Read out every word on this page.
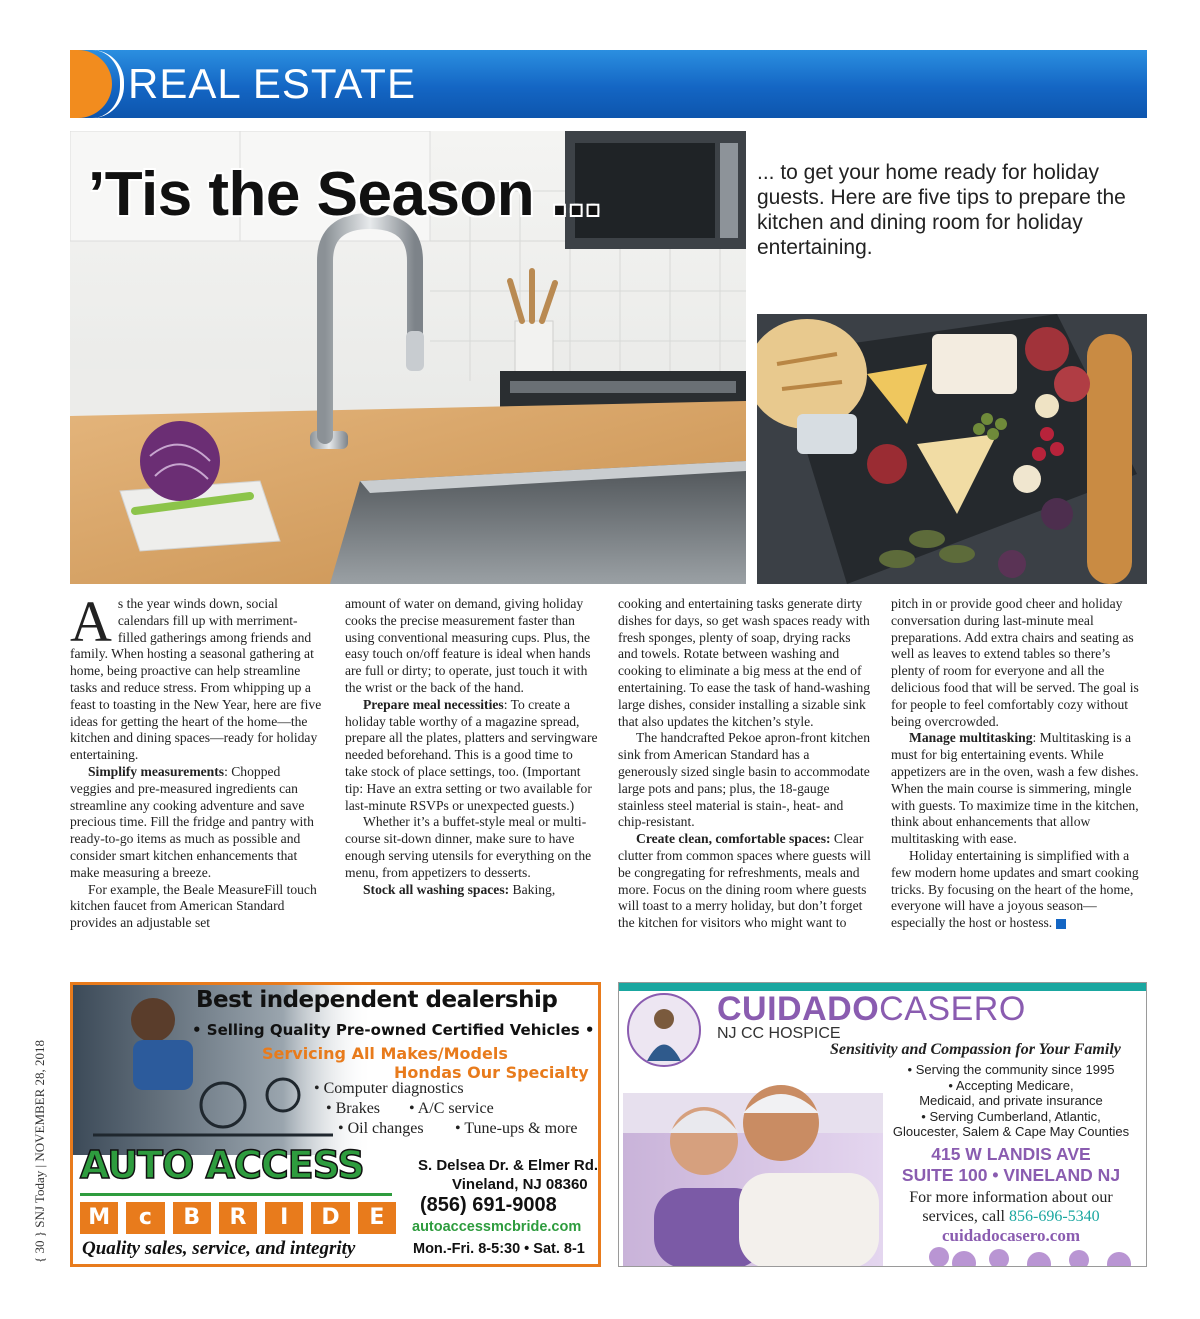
REAL ESTATE
’Tis the Season ...	... to get your home ready for holiday guests. Here are five tips to prepare the kitchen and dining room for holiday entertaining.

As the year winds down, social calendars fill up with merriment-filled gatherings among friends and family. When hosting a seasonal gathering at home, being proactive can help streamline tasks and reduce stress. From whipping up a feast to toasting in the New Year, here are five ideas for getting the heart of the home—the kitchen and dining spaces—ready for holiday entertaining.

Simplify measurements: Chopped veggies and pre-measured ingredients can streamline any cooking adventure and save precious time. Fill the fridge and pantry with ready-to-go items as much as possible and consider smart kitchen enhancements that make measuring a breeze.

For example, the Beale MeasureFill touch kitchen faucet from American Standard provides an adjustable set

amount of water on demand, giving holiday cooks the precise measurement faster than using conventional measuring cups. Plus, the easy touch on/off feature is ideal when hands are full or dirty; to operate, just touch it with the wrist or the back of the hand.

Prepare meal necessities: To create a holiday table worthy of a magazine spread, prepare all the plates, platters and servingware needed beforehand. This is a good time to take stock of place settings, too. (Important tip: Have an extra setting or two available for last-minute RSVPs or unexpected guests.)

Whether it’s a buffet-style meal or multi-course sit-down dinner, make sure to have enough serving utensils for everything on the menu, from appetizers to desserts.

Stock all washing spaces: Baking,

cooking and entertaining tasks generate dirty dishes for days, so get wash spaces ready with fresh sponges, plenty of soap, drying racks and towels. Rotate between washing and cooking to eliminate a big mess at the end of entertaining. To ease the task of hand-washing large dishes, consider installing a sizable sink that also updates the kitchen’s style.

The handcrafted Pekoe apron-front kitchen sink from American Standard has a generously sized single basin to accommodate large pots and pans; plus, the 18-gauge stainless steel material is stain-, heat- and chip-resistant.

Create clean, comfortable spaces: Clear clutter from common spaces where guests will be congregating for refreshments, meals and more. Focus on the dining room where guests will toast to a merry holiday, but don’t forget the kitchen for visitors who might want to

pitch in or provide good cheer and holiday conversation during last-minute meal preparations. Add extra chairs and seating as well as leaves to extend tables so there’s plenty of room for everyone and all the delicious food that will be served. The goal is for people to feel comfortably cozy without being overcrowded.

Manage multitasking: Multitasking is a must for big entertaining events. While appetizers are in the oven, wash a few dishes. When the main course is simmering, mingle with guests. To maximize time in the kitchen, think about enhancements that allow multitasking with ease.

Holiday entertaining is simplified with a few modern home updates and smart cooking tricks. By focusing on the heart of the home, everyone will have a joyous season—especially the host or hostess.

{ 30 } SNJ Today | NOVEMBER 28, 2018
Best independent dealership
• Selling Quality Pre-owned Certified Vehicles •
Servicing All Makes/Models
Hondas Our Specialty
• Computer diagnostics
• Brakes • A/C service
• Oil changes • Tune-ups & more
AUTO ACCESS
M	c	B	R	I	D	E
S. Delsea Dr. & Elmer Rd.
Vineland, NJ 08360
(856) 691-9008
autoaccessmcbride.com
Quality sales, service, and integrity	Mon.-Fri. 8-5:30 • Sat. 8-1
CUIDADOCASERO
NJ CC HOSPICE
Sensitivity and Compassion for Your Family
• Serving the community since 1995
• Accepting Medicare,
Medicaid, and private insurance
• Serving Cumberland, Atlantic,
Gloucester, Salem & Cape May Counties
415 W LANDIS AVE
SUITE 100 • VINELAND NJ
For more information about our
services, call 856-696-5340
cuidadocasero.com
